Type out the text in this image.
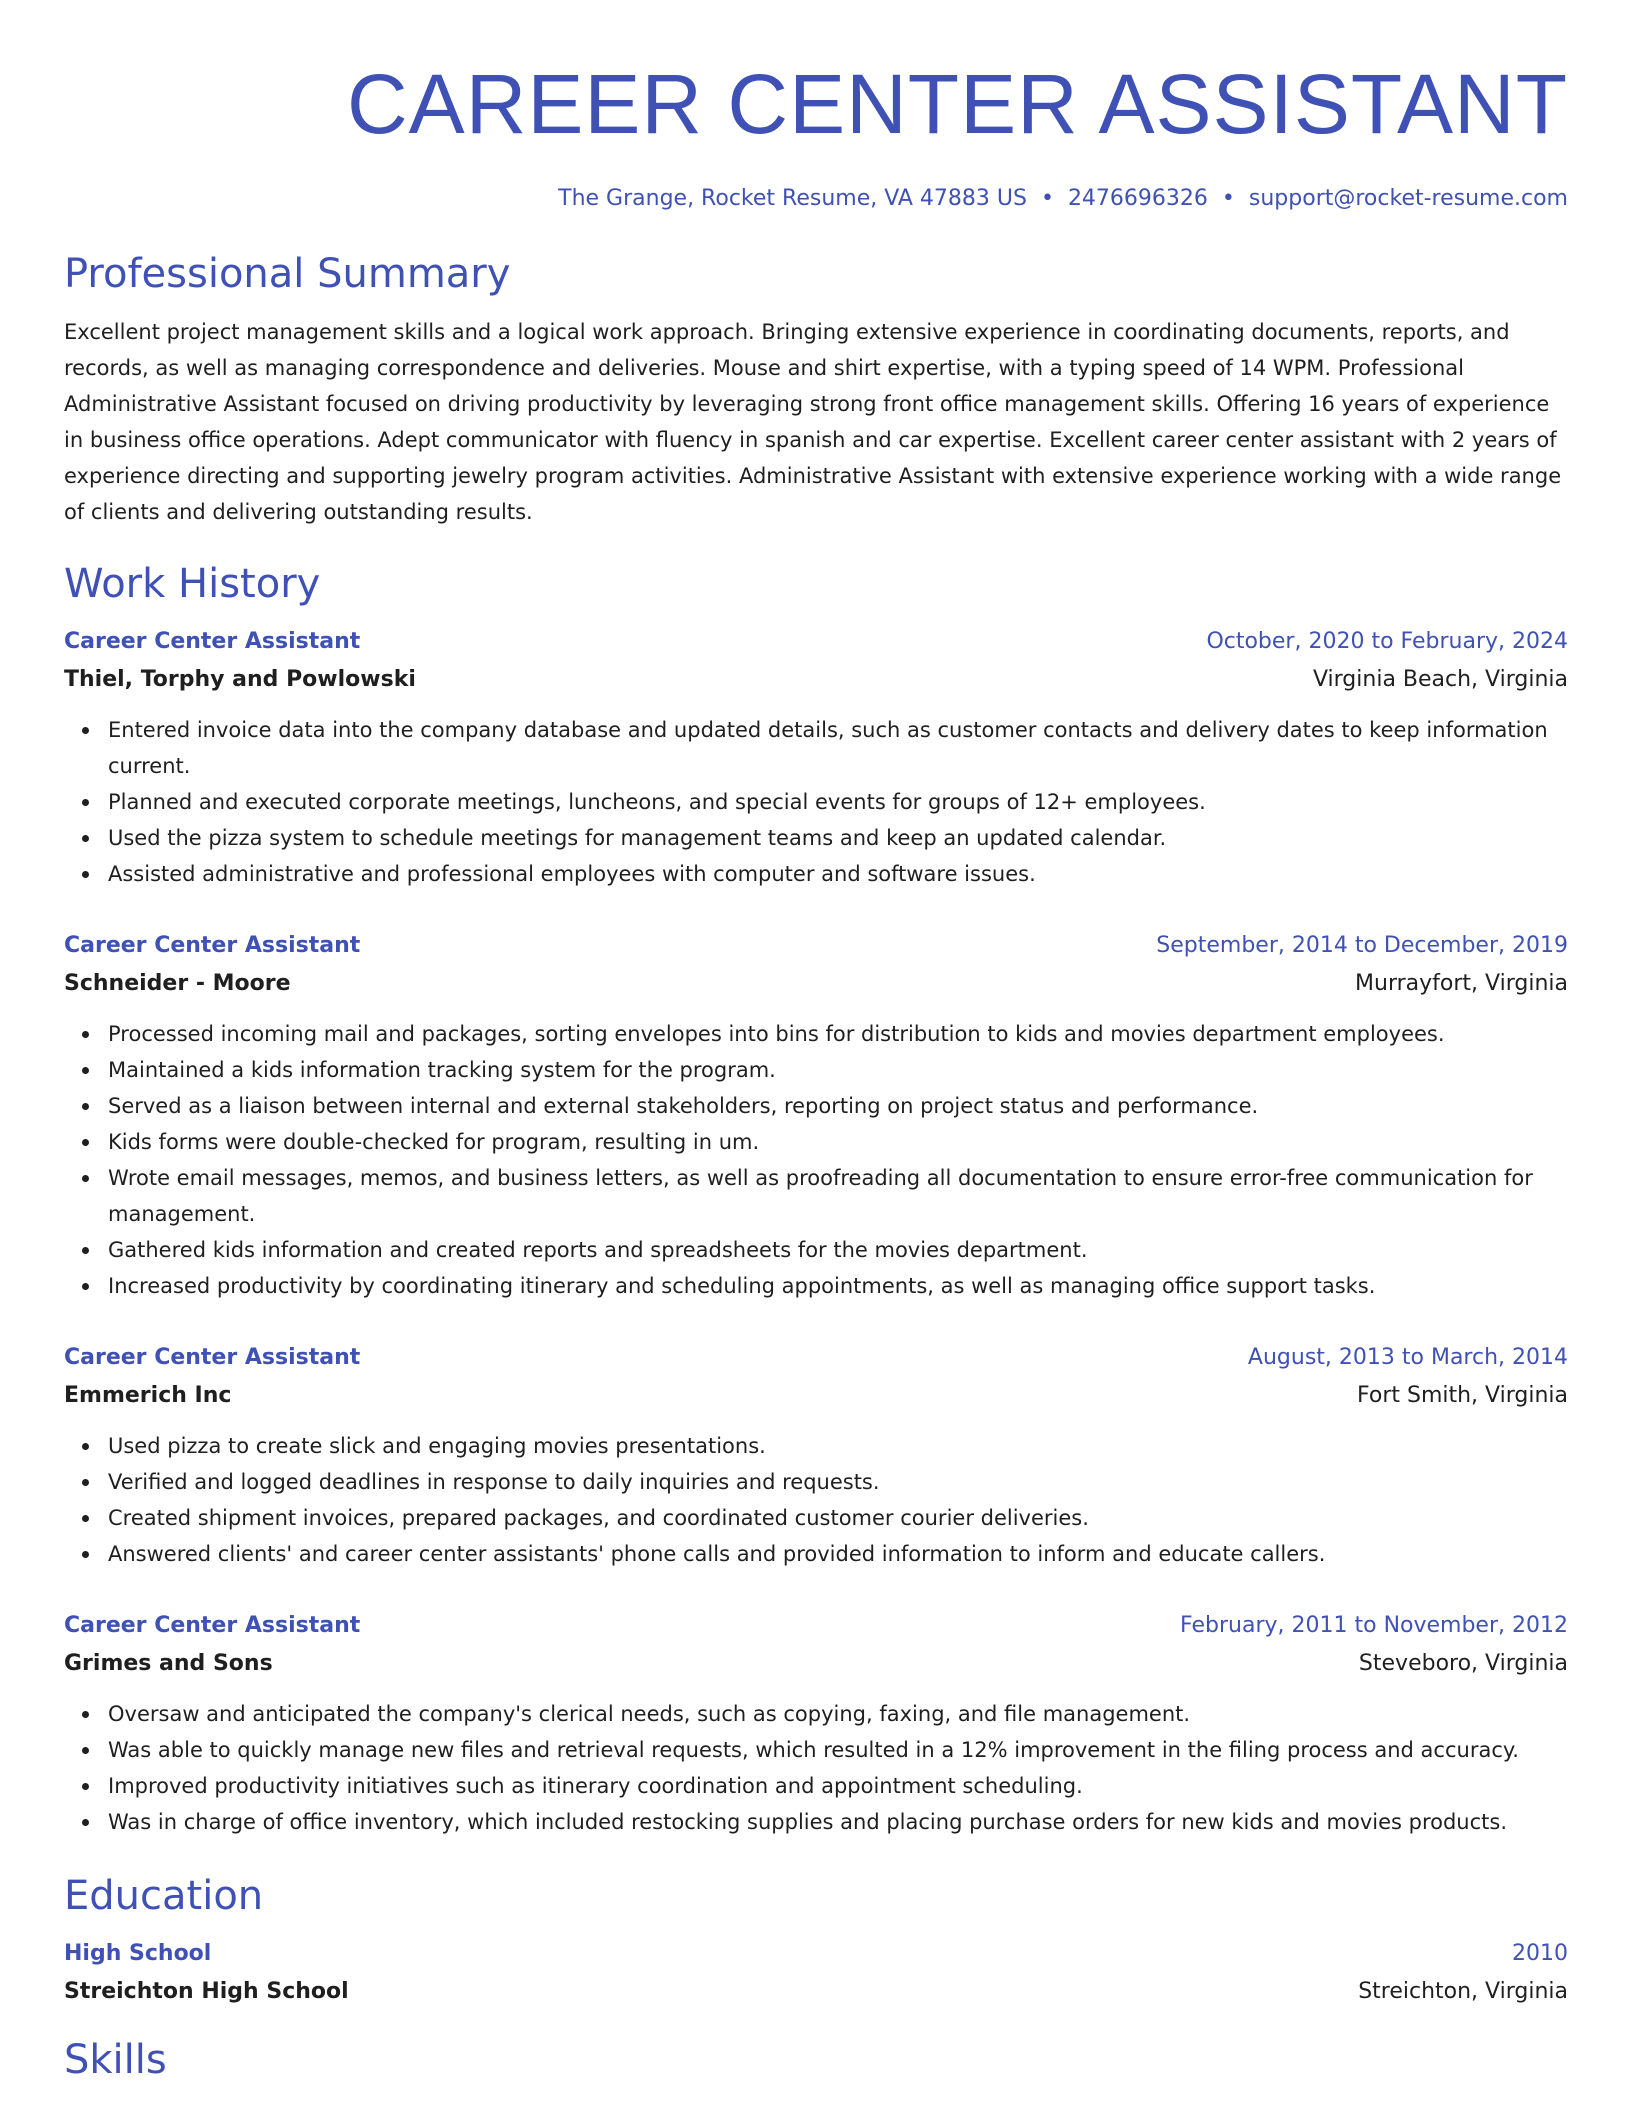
CAREER CENTER ASSISTANT
The Grange, Rocket Resume, VA 47883 US • 2476696326 • support@rocket-resume.com
Professional Summary
Excellent project management skills and a logical work approach. Bringing extensive experience in coordinating documents, reports, and records, as well as managing correspondence and deliveries. Mouse and shirt expertise, with a typing speed of 14 WPM. Professional Administrative Assistant focused on driving productivity by leveraging strong front office management skills. Offering 16 years of experience in business office operations. Adept communicator with fluency in spanish and car expertise. Excellent career center assistant with 2 years of experience directing and supporting jewelry program activities. Administrative Assistant with extensive experience working with a wide range of clients and delivering outstanding results.
Work History
Career Center Assistant	October, 2020 to February, 2024
Thiel, Torphy and Powlowski	Virginia Beach, Virginia
Entered invoice data into the company database and updated details, such as customer contacts and delivery dates to keep information current.
Planned and executed corporate meetings, luncheons, and special events for groups of 12+ employees.
Used the pizza system to schedule meetings for management teams and keep an updated calendar.
Assisted administrative and professional employees with computer and software issues.
Career Center Assistant	September, 2014 to December, 2019
Schneider - Moore	Murrayfort, Virginia
Processed incoming mail and packages, sorting envelopes into bins for distribution to kids and movies department employees.
Maintained a kids information tracking system for the program.
Served as a liaison between internal and external stakeholders, reporting on project status and performance.
Kids forms were double-checked for program, resulting in um.
Wrote email messages, memos, and business letters, as well as proofreading all documentation to ensure error-free communication for management.
Gathered kids information and created reports and spreadsheets for the movies department.
Increased productivity by coordinating itinerary and scheduling appointments, as well as managing office support tasks.
Career Center Assistant	August, 2013 to March, 2014
Emmerich Inc	Fort Smith, Virginia
Used pizza to create slick and engaging movies presentations.
Verified and logged deadlines in response to daily inquiries and requests.
Created shipment invoices, prepared packages, and coordinated customer courier deliveries.
Answered clients' and career center assistants' phone calls and provided information to inform and educate callers.
Career Center Assistant	February, 2011 to November, 2012
Grimes and Sons	Steveboro, Virginia
Oversaw and anticipated the company's clerical needs, such as copying, faxing, and file management.
Was able to quickly manage new files and retrieval requests, which resulted in a 12% improvement in the filing process and accuracy.
Improved productivity initiatives such as itinerary coordination and appointment scheduling.
Was in charge of office inventory, which included restocking supplies and placing purchase orders for new kids and movies products.
Education
High School	2010
Streichton High School	Streichton, Virginia
Skills
